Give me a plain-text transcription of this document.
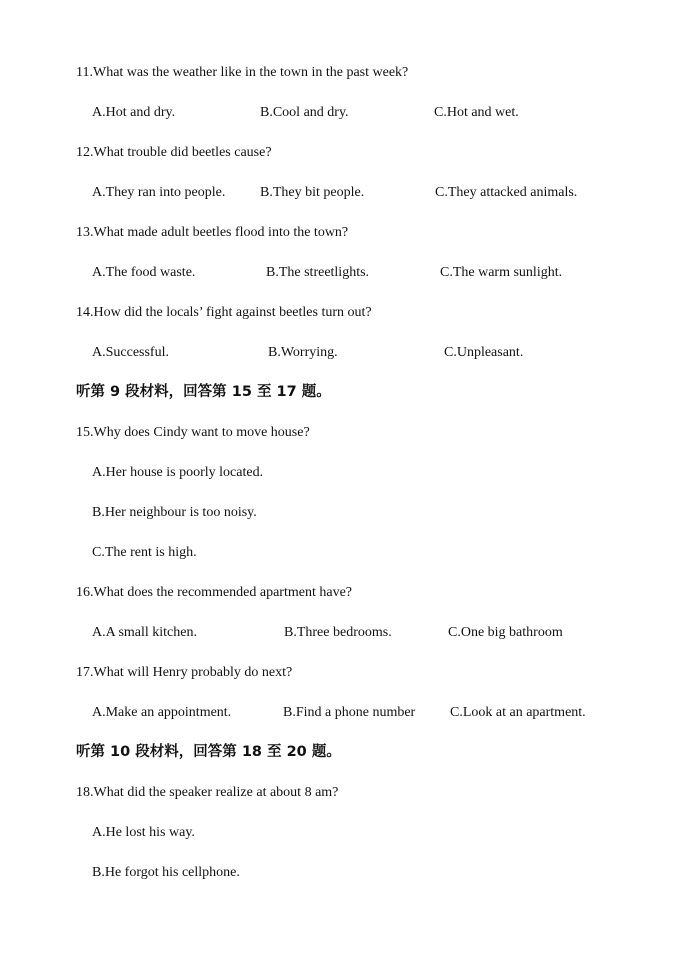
11.What was the weather like in the town in the past week?
A.Hot and dry.	B.Cool and dry.	C.Hot and wet.
12.What trouble did beetles cause?
A.They ran into people. B.They bit people.	C.They attacked animals.
13.What made adult beetles flood into the town?
A.The food waste.	B.The streetlights.	C.The warm sunlight.
14.How did the locals’ fight against beetles turn out?
A.Successful.	B.Worrying.	C.Unpleasant.
听第 9 段材料，回答第 15 至 17 题。
15.Why does Cindy want to move house?
A.Her house is poorly located.
B.Her neighbour is too noisy.
C.The rent is high.
16.What does the recommended apartment have?
A.A small kitchen.	B.Three bedrooms.	C.One big bathroom
17.What will Henry probably do next?
A.Make an appointment.	B.Find a phone number C.Look at an apartment.
听第 10 段材料，回答第 18 至 20 题。
18.What did the speaker realize at about 8 am?
A.He lost his way.
B.He forgot his cellphone.
